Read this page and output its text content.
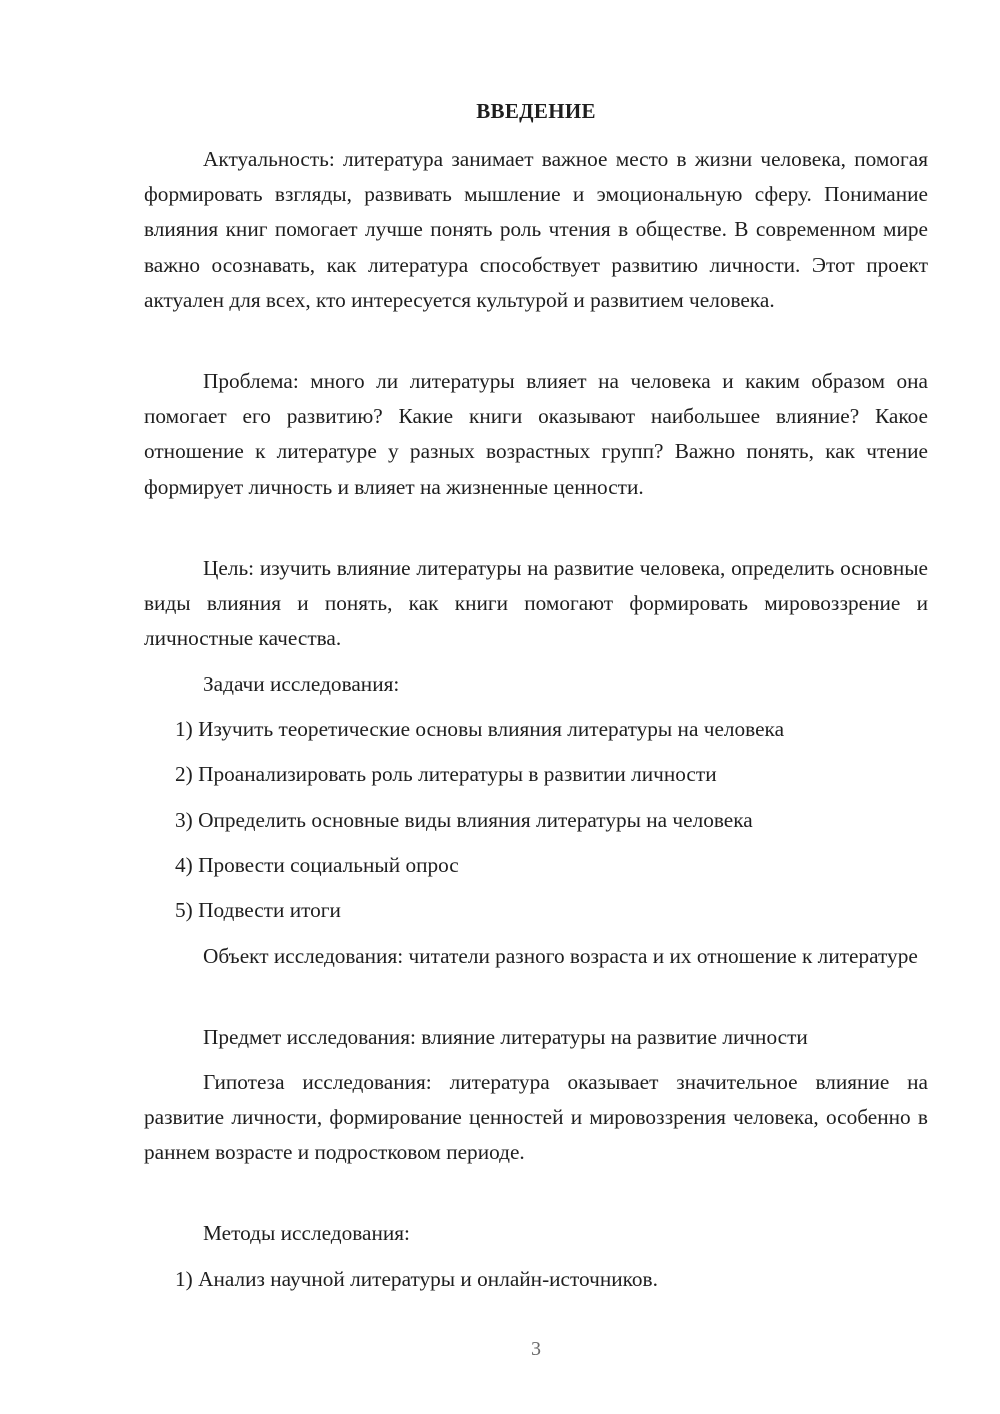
ВВЕДЕНИЕ

Актуальность: литература занимает важное место в жизни человека, помогая формировать взгляды, развивать мышление и эмоциональную сферу. Понимание влияния книг помогает лучше понять роль чтения в обществе. В современном мире важно осознавать, как литература способствует развитию личности. Этот проект актуален для всех, кто интересуется культурой и развитием человека.

Проблема: много ли литературы влияет на человека и каким образом она помогает его развитию? Какие книги оказывают наибольшее влияние? Какое отношение к литературе у разных возрастных групп? Важно понять, как чтение формирует личность и влияет на жизненные ценности.

Цель: изучить влияние литературы на развитие человека, определить основные виды влияния и понять, как книги помогают формировать мировоззрение и личностные качества.

Задачи исследования:

1) Изучить теоретические основы влияния литературы на человека

2) Проанализировать роль литературы в развитии личности

3) Определить основные виды влияния литературы на человека

4) Провести социальный опрос

5) Подвести итоги

Объект исследования: читатели разного возраста и их отношение к литературе

Предмет исследования: влияние литературы на развитие личности

Гипотеза исследования: литература оказывает значительное влияние на развитие личности, формирование ценностей и мировоззрения человека, особенно в раннем возрасте и подростковом периоде.

Методы исследования:

1) Анализ научной литературы и онлайн-источников.

3
